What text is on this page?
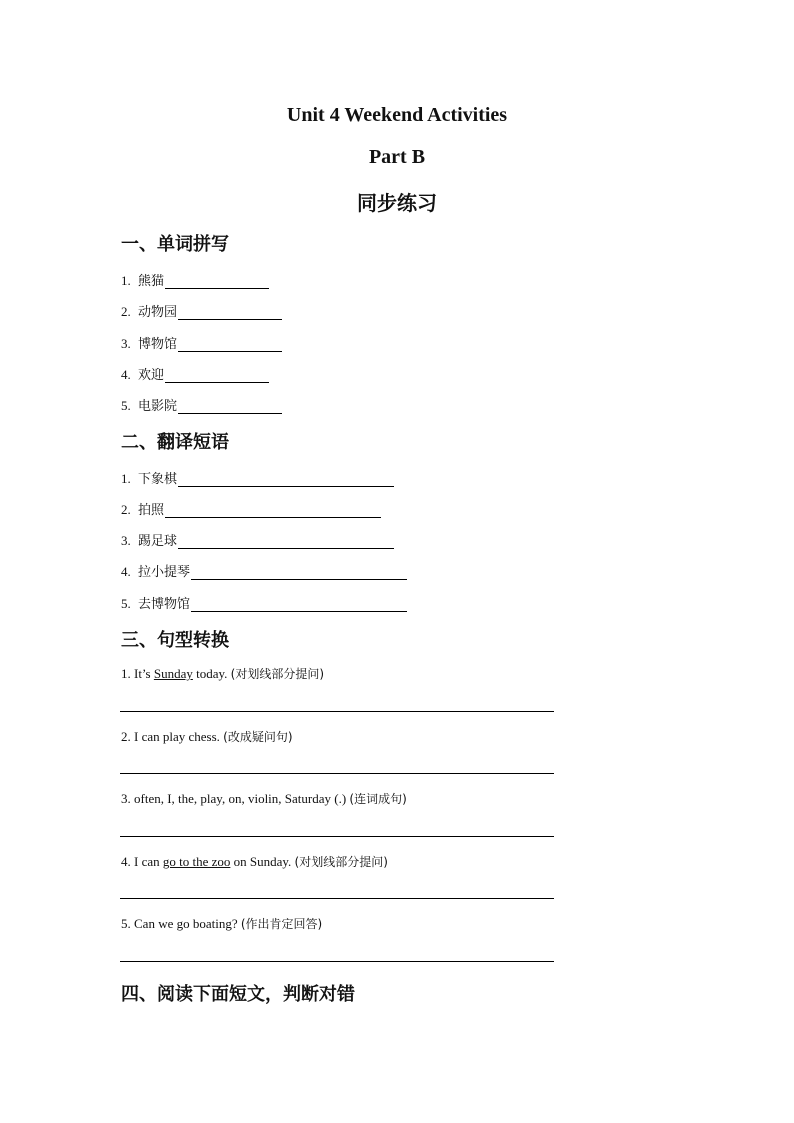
Unit 4 Weekend Activities
Part B
同步练习
一、单词拼写
1. 熊猫
2. 动物园
3. 博物馆
4. 欢迎
5. 电影院
二、翻译短语
1. 下象棋
2. 拍照
3. 踢足球
4. 拉小提琴
5. 去博物馆
三、句型转换
1. It’s Sunday today. (对划线部分提问)
2. I can play chess. (改成疑问句)
3. often, I, the, play, on, violin, Saturday (.) (连词成句)
4. I can go to the zoo on Sunday. (对划线部分提问)
5. Can we go boating? (作出肯定回答)
四、阅读下面短文，判断对错
